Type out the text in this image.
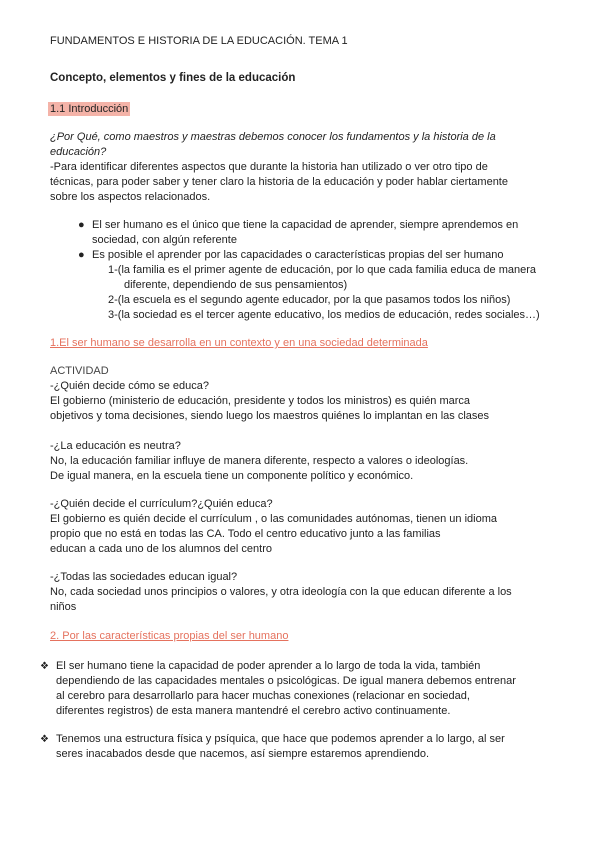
FUNDAMENTOS E HISTORIA DE LA EDUCACIÓN. TEMA 1
Concepto, elementos y fines de la educación
1.1 Introducción
¿Por Qué, como maestros y maestras debemos conocer los fundamentos y la historia de la
educación?
-Para identificar diferentes aspectos que durante la historia han utilizado o ver otro tipo de
técnicas, para poder saber y tener claro la historia de la educación y poder hablar ciertamente
sobre los aspectos relacionados.
● El ser humano es el único que tiene la capacidad de aprender, siempre aprendemos en
sociedad, con algún referente
● Es posible el aprender por las capacidades o características propias del ser humano
1-(la familia es el primer agente de educación, por lo que cada familia educa de manera
diferente, dependiendo de sus pensamientos)
2-(la escuela es el segundo agente educador, por la que pasamos todos los niños)
3-(la sociedad es el tercer agente educativo, los medios de educación, redes sociales…)
1.El ser humano se desarrolla en un contexto y en una sociedad determinada
ACTIVIDAD
-¿Quién decide cómo se educa?
El gobierno (ministerio de educación, presidente y todos los ministros) es quién marca
objetivos y toma decisiones, siendo luego los maestros quiénes lo implantan en las clases
-¿La educación es neutra?
No, la educación familiar influye de manera diferente, respecto a valores o ideologías.
De igual manera, en la escuela tiene un componente político y económico.
-¿Quién decide el currículum?¿Quién educa?
El gobierno es quién decide el currículum , o las comunidades autónomas, tienen un idioma
propio que no está en todas las CA. Todo el centro educativo junto a las familias
educan a cada uno de los alumnos del centro
-¿Todas las sociedades educan igual?
No, cada sociedad unos principios o valores, y otra ideología con la que educan diferente a los
niños
2. Por las características propias del ser humano
❖ El ser humano tiene la capacidad de poder aprender a lo largo de toda la vida, también
dependiendo de las capacidades mentales o psicológicas. De igual manera debemos entrenar
al cerebro para desarrollarlo para hacer muchas conexiones (relacionar en sociedad,
diferentes registros) de esta manera mantendré el cerebro activo continuamente.
❖ Tenemos una estructura física y psíquica, que hace que podemos aprender a lo largo, al ser
seres inacabados desde que nacemos, así siempre estaremos aprendiendo.
